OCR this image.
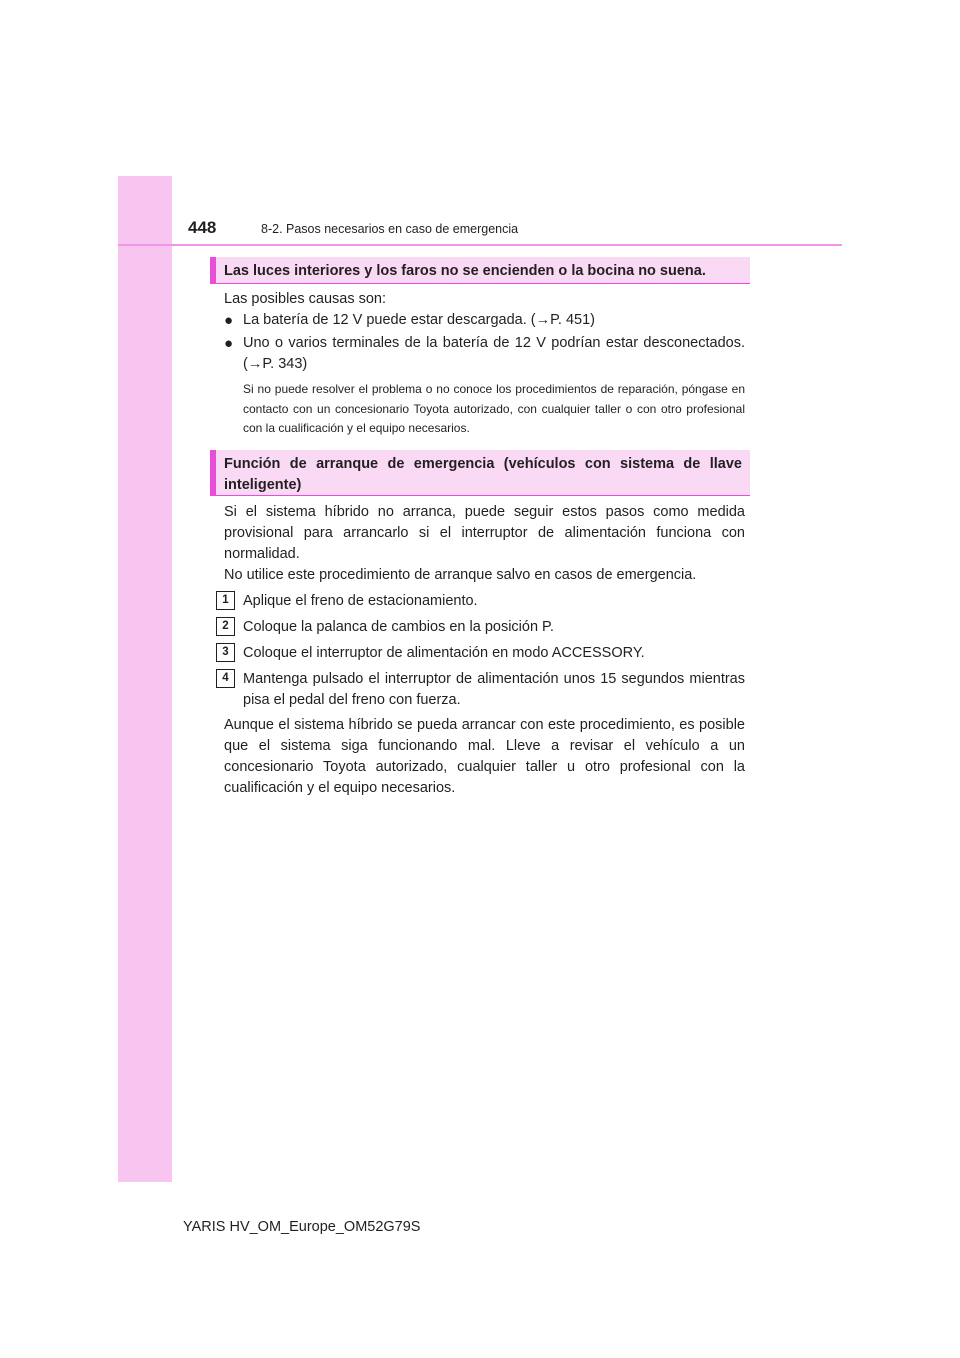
448	8-2. Pasos necesarios en caso de emergencia
Las luces interiores y los faros no se encienden o la bocina no suena.
Las posibles causas son:
● La batería de 12 V puede estar descargada. (→P. 451)
● Uno o varios terminales de la batería de 12 V podrían estar desconectados. (→P. 343)
Si no puede resolver el problema o no conoce los procedimientos de reparación, póngase en contacto con un concesionario Toyota autorizado, con cualquier taller o con otro profesional con la cualificación y el equipo necesarios.
Función de arranque de emergencia (vehículos con sistema de llave inteligente)
Si el sistema híbrido no arranca, puede seguir estos pasos como medida provisional para arrancarlo si el interruptor de alimentación funciona con normalidad.
No utilice este procedimiento de arranque salvo en casos de emergencia.
1 Aplique el freno de estacionamiento.
2 Coloque la palanca de cambios en la posición P.
3 Coloque el interruptor de alimentación en modo ACCESSORY.
4 Mantenga pulsado el interruptor de alimentación unos 15 segundos mientras pisa el pedal del freno con fuerza.
Aunque el sistema híbrido se pueda arrancar con este procedimiento, es posible que el sistema siga funcionando mal. Lleve a revisar el vehículo a un concesionario Toyota autorizado, cualquier taller u otro profesional con la cualificación y el equipo necesarios.
YARIS HV_OM_Europe_OM52G79S
